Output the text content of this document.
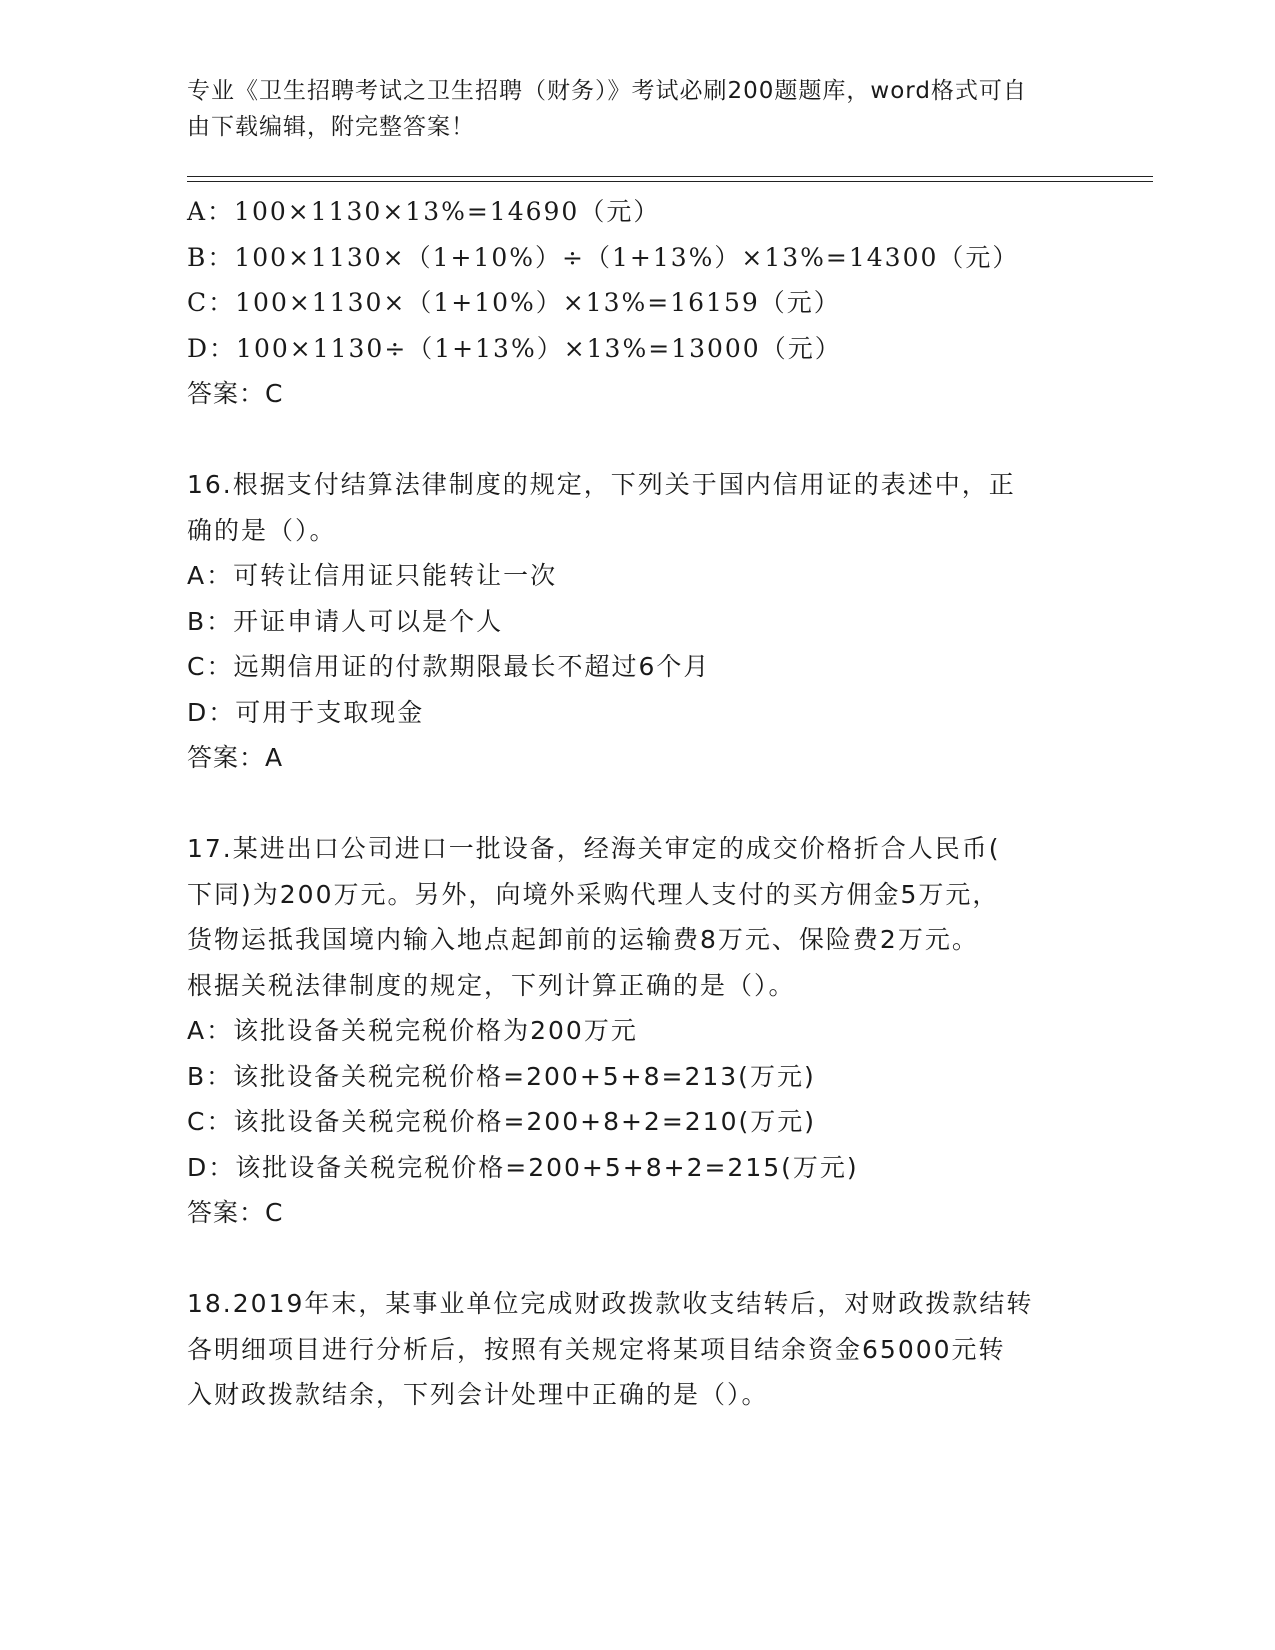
专业《卫生招聘考试之卫生招聘（财务）》考试必刷200题题库，word格式可自
由下载编辑，附完整答案！
A：100×1130×13%=14690（元）
B：100×1130×（1+10%）÷（1+13%）×13%=14300（元）
C：100×1130×（1+10%）×13%=16159（元）
D：100×1130÷（1+13%）×13%=13000（元）
答案：C
16.根据支付结算法律制度的规定，下列关于国内信用证的表述中，正
确的是（）。
A：可转让信用证只能转让一次
B：开证申请人可以是个人
C：远期信用证的付款期限最长不超过6个月
D：可用于支取现金
答案：A
17.某进出口公司进口一批设备，经海关审定的成交价格折合人民币(
下同)为200万元。另外，向境外采购代理人支付的买方佣金5万元，
货物运抵我国境内输入地点起卸前的运输费8万元、保险费2万元。
根据关税法律制度的规定，下列计算正确的是（）。
A：该批设备关税完税价格为200万元
B：该批设备关税完税价格=200+5+8=213(万元)
C：该批设备关税完税价格=200+8+2=210(万元)
D：该批设备关税完税价格=200+5+8+2=215(万元)
答案：C
18.2019年末，某事业单位完成财政拨款收支结转后，对财政拨款结转
各明细项目进行分析后，按照有关规定将某项目结余资金65000元转
入财政拨款结余，下列会计处理中正确的是（）。
